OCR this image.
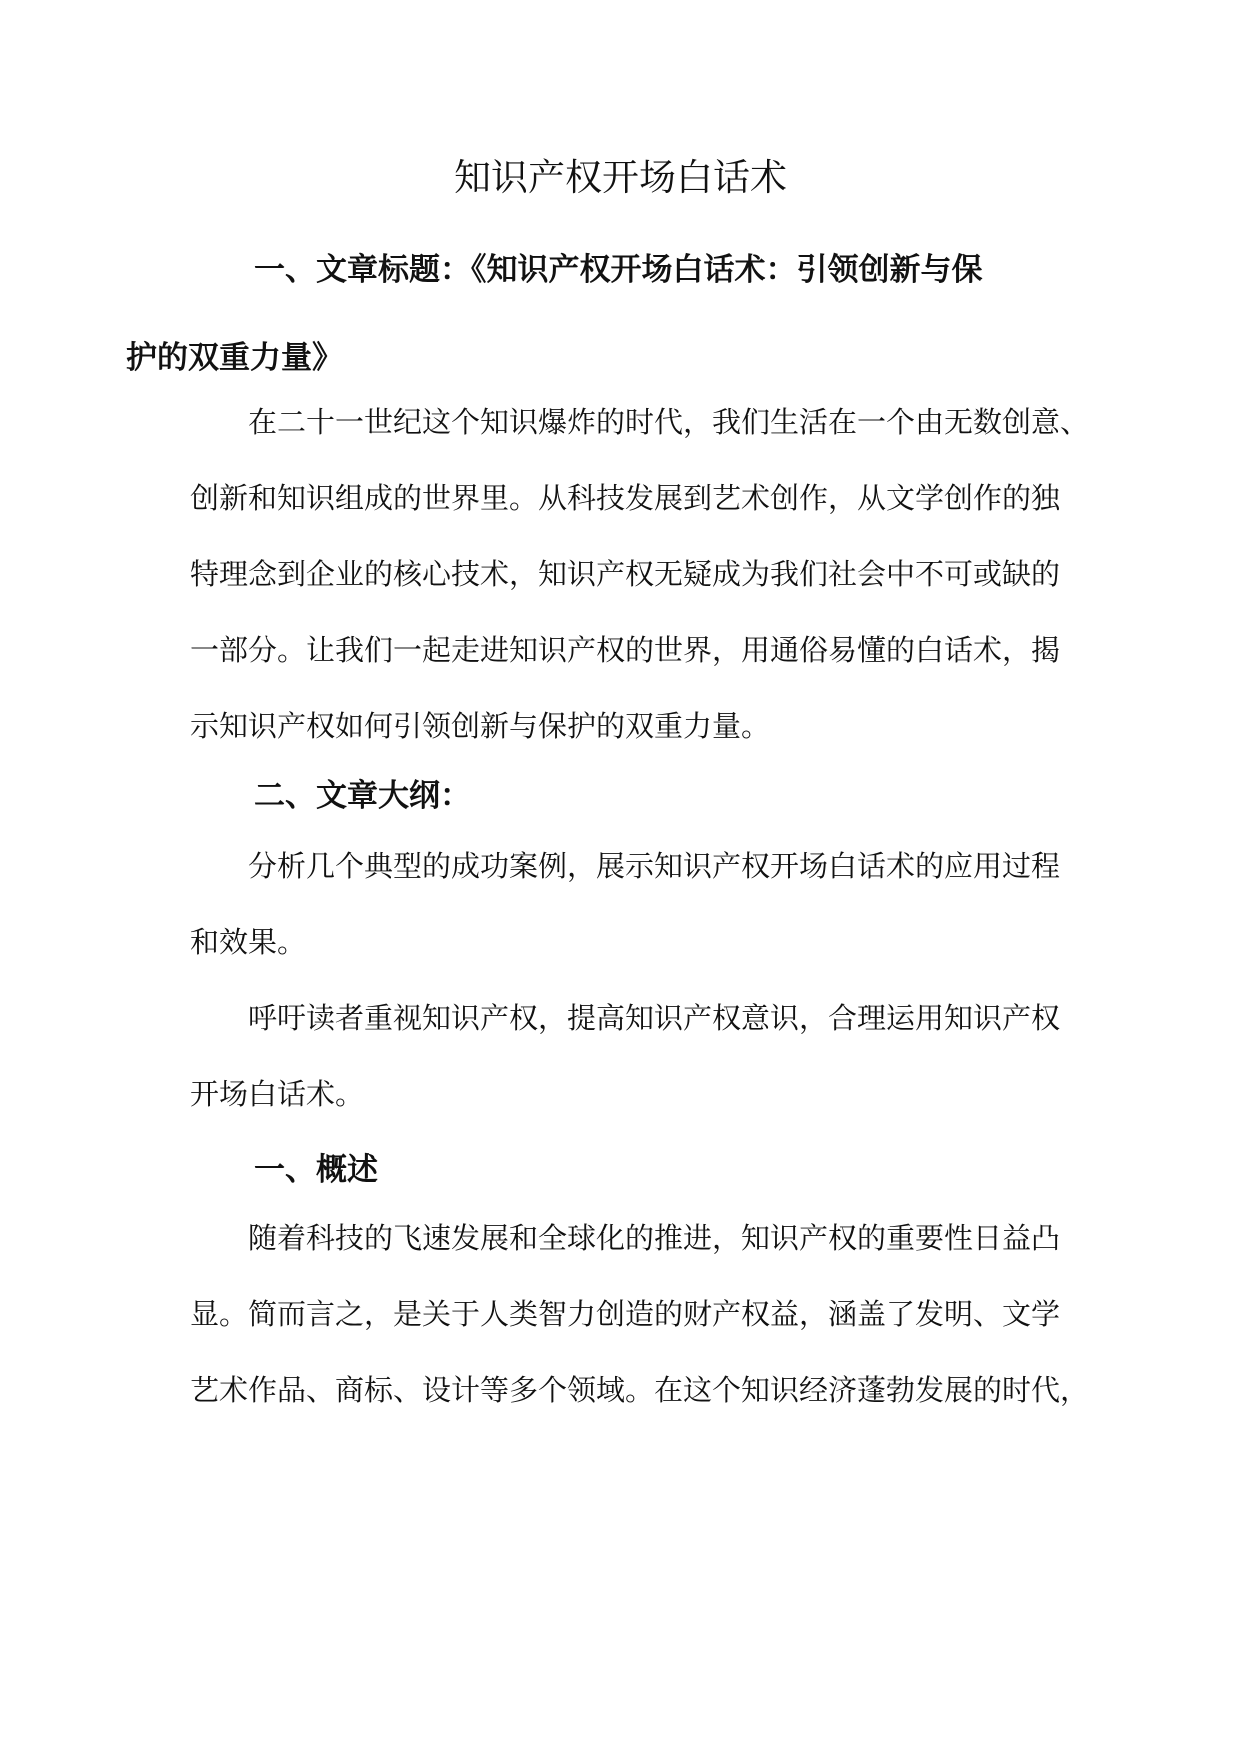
知识产权开场白话术
一、文章标题：《知识产权开场白话术：引领创新与保
护的双重力量》
在二十一世纪这个知识爆炸的时代，我们生活在一个由无数创意、
创新和知识组成的世界里。从科技发展到艺术创作，从文学创作的独
特理念到企业的核心技术，知识产权无疑成为我们社会中不可或缺的
一部分。让我们一起走进知识产权的世界，用通俗易懂的白话术，揭
示知识产权如何引领创新与保护的双重力量。
二、文章大纲：
分析几个典型的成功案例，展示知识产权开场白话术的应用过程
和效果。
呼吁读者重视知识产权，提高知识产权意识，合理运用知识产权
开场白话术。
一、概述
随着科技的飞速发展和全球化的推进，知识产权的重要性日益凸
显。简而言之，是关于人类智力创造的财产权益，涵盖了发明、文学
艺术作品、商标、设计等多个领域。在这个知识经济蓬勃发展的时代，
